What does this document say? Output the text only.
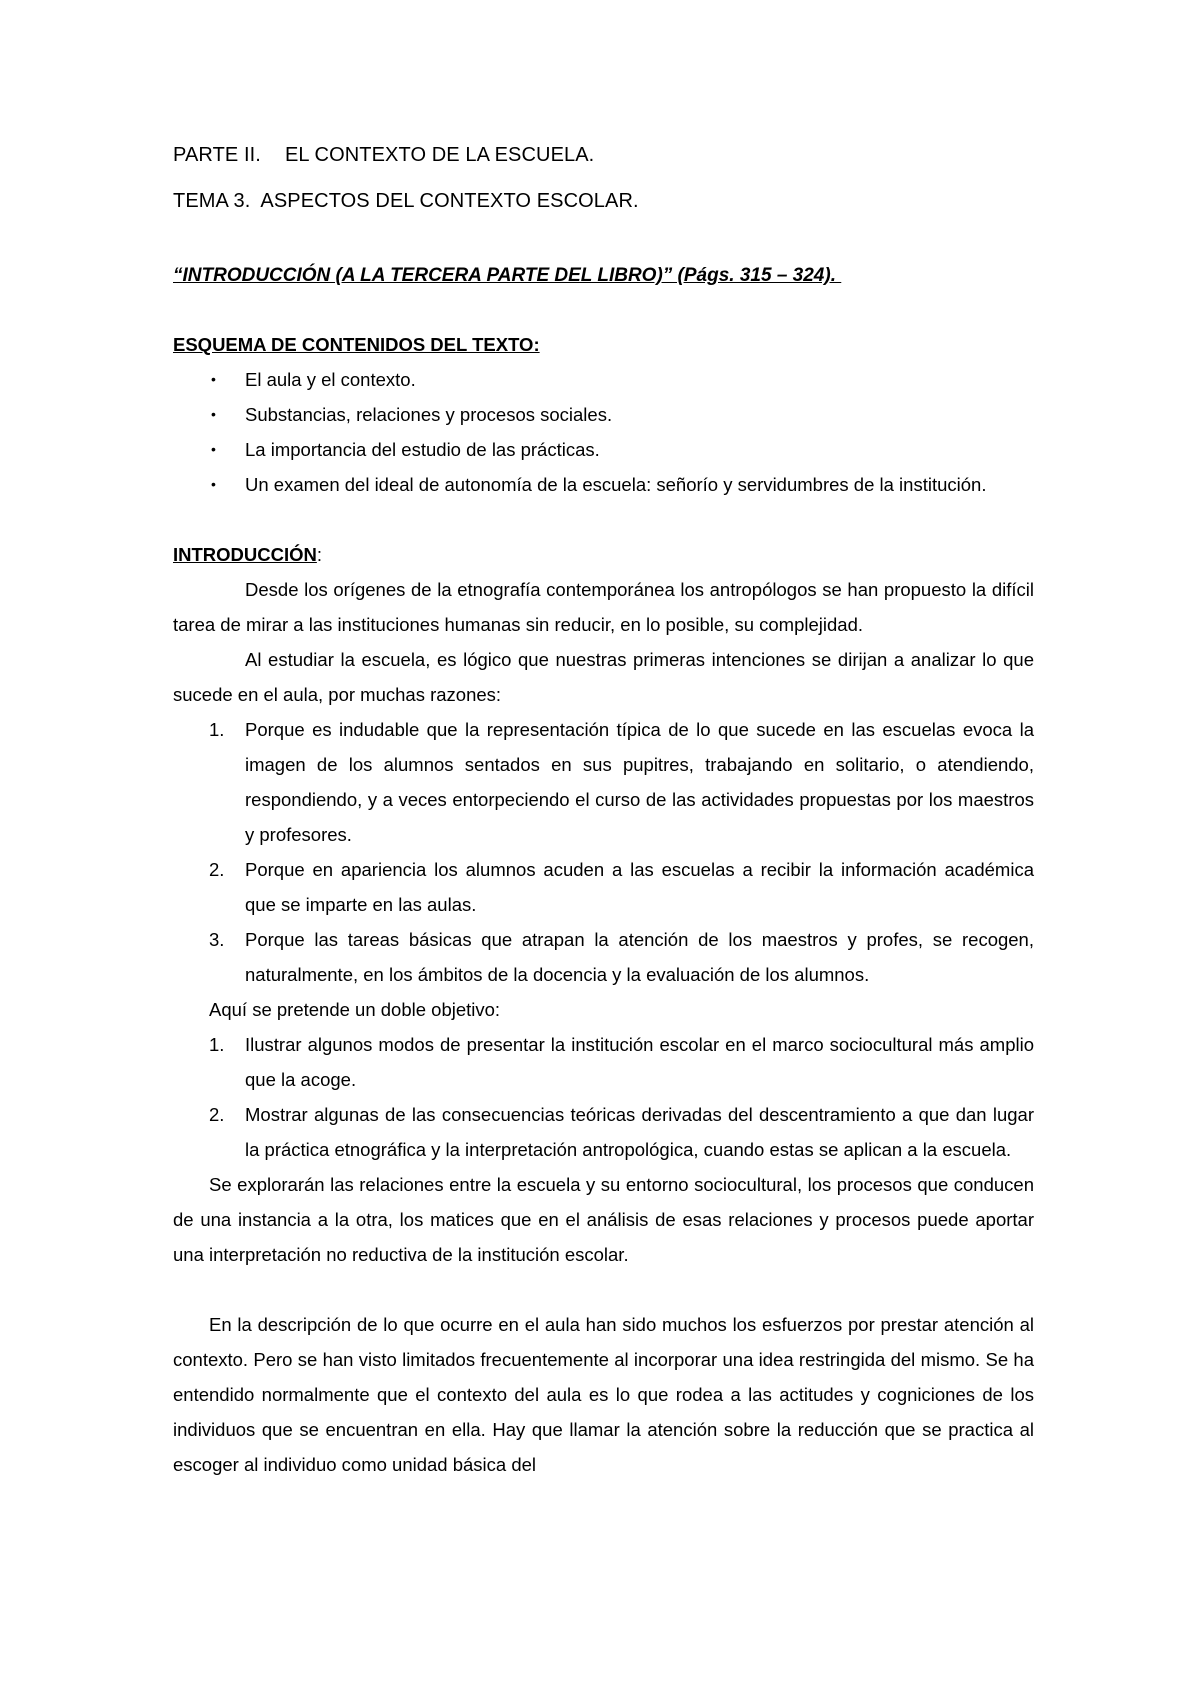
PARTE II. EL CONTEXTO DE LA ESCUELA.
TEMA 3. ASPECTOS DEL CONTEXTO ESCOLAR.
“INTRODUCCIÓN (A LA TERCERA PARTE DEL LIBRO)” (Págs. 315 – 324).
ESQUEMA DE CONTENIDOS DEL TEXTO:
• El aula y el contexto.
• Substancias, relaciones y procesos sociales.
• La importancia del estudio de las prácticas.
• Un examen del ideal de autonomía de la escuela: señorío y servidumbres de la institución.
INTRODUCCIÓN:

Desde los orígenes de la etnografía contemporánea los antropólogos se han propuesto la difícil tarea de mirar a las instituciones humanas sin reducir, en lo posible, su complejidad.

Al estudiar la escuela, es lógico que nuestras primeras intenciones se dirijan a analizar lo que sucede en el aula, por muchas razones:

1. Porque es indudable que la representación típica de lo que sucede en las escuelas evoca la imagen de los alumnos sentados en sus pupitres, trabajando en solitario, o atendiendo, respondiendo, y a veces entorpeciendo el curso de las actividades propuestas por los maestros y profesores.
2. Porque en apariencia los alumnos acuden a las escuelas a recibir la información académica que se imparte en las aulas.
3. Porque las tareas básicas que atrapan la atención de los maestros y profes, se recogen, naturalmente, en los ámbitos de la docencia y la evaluación de los alumnos.

Aquí se pretende un doble objetivo:

1. Ilustrar algunos modos de presentar la institución escolar en el marco sociocultural más amplio que la acoge.
2. Mostrar algunas de las consecuencias teóricas derivadas del descentramiento a que dan lugar la práctica etnográfica y la interpretación antropológica, cuando estas se aplican a la escuela.

Se explorarán las relaciones entre la escuela y su entorno sociocultural, los procesos que conducen de una instancia a la otra, los matices que en el análisis de esas relaciones y procesos puede aportar una interpretación no reductiva de la institución escolar.

En la descripción de lo que ocurre en el aula han sido muchos los esfuerzos por prestar atención al contexto. Pero se han visto limitados frecuentemente al incorporar una idea restringida del mismo. Se ha entendido normalmente que el contexto del aula es lo que rodea a las actitudes y cogniciones de los individuos que se encuentran en ella. Hay que llamar la atención sobre la reducción que se practica al escoger al individuo como unidad básica del
